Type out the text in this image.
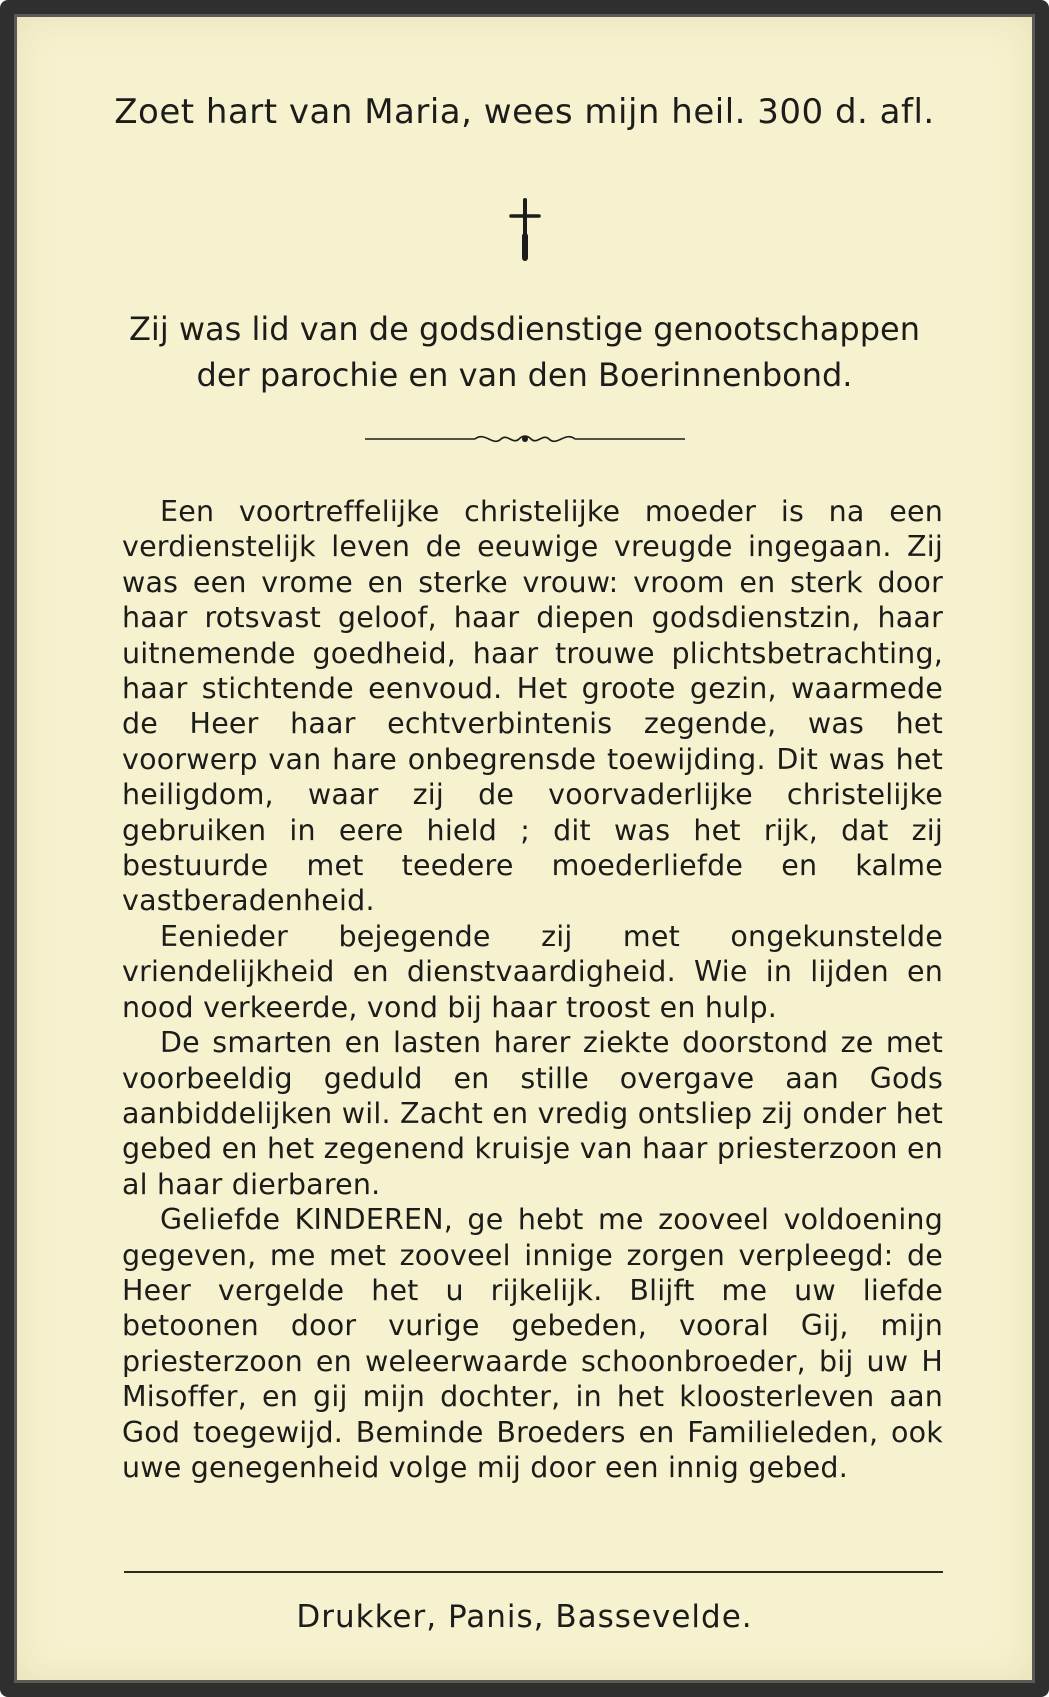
Zoet hart van Maria, wees mijn heil. 300 d. afl.
Zij was lid van de godsdienstige genootschappen
der parochie en van den Boerinnenbond.

Een voortreffelijke christelijke moeder is na een verdienstelijk leven de eeuwige vreugde ingegaan. Zij was een vrome en sterke vrouw: vroom en sterk door haar rotsvast geloof, haar diepen godsdienstzin, haar uitnemende goedheid, haar trouwe plichtsbetrachting, haar stichtende eenvoud. Het groote gezin, waarmede de Heer haar echtverbintenis zegende, was het voorwerp van hare onbegrensde toewijding. Dit was het heiligdom, waar zij de voorvaderlijke christelijke gebruiken in eere hield ; dit was het rijk, dat zij bestuurde met teedere moederliefde en kalme vastberadenheid.

Eenieder bejegende zij met ongekunstelde vriendelijkheid en dienstvaardigheid. Wie in lijden en nood verkeerde, vond bij haar troost en hulp.

De smarten en lasten harer ziekte doorstond ze met voorbeeldig geduld en stille overgave aan Gods aanbiddelijken wil. Zacht en vredig ontsliep zij onder het gebed en het zegenend kruisje van haar priesterzoon en al haar dierbaren.

Geliefde KINDEREN, ge hebt me zooveel voldoening gegeven, me met zooveel innige zorgen verpleegd: de Heer vergelde het u rijkelijk. Blijft me uw liefde betoonen door vurige gebeden, vooral Gij, mijn priesterzoon en weleerwaarde schoonbroeder, bij uw H Misoffer, en gij mijn dochter, in het kloosterleven aan God toegewijd. Beminde Broeders en Familieleden, ook uwe genegenheid volge mij door een innig gebed.

Drukker, Panis, Bassevelde.
